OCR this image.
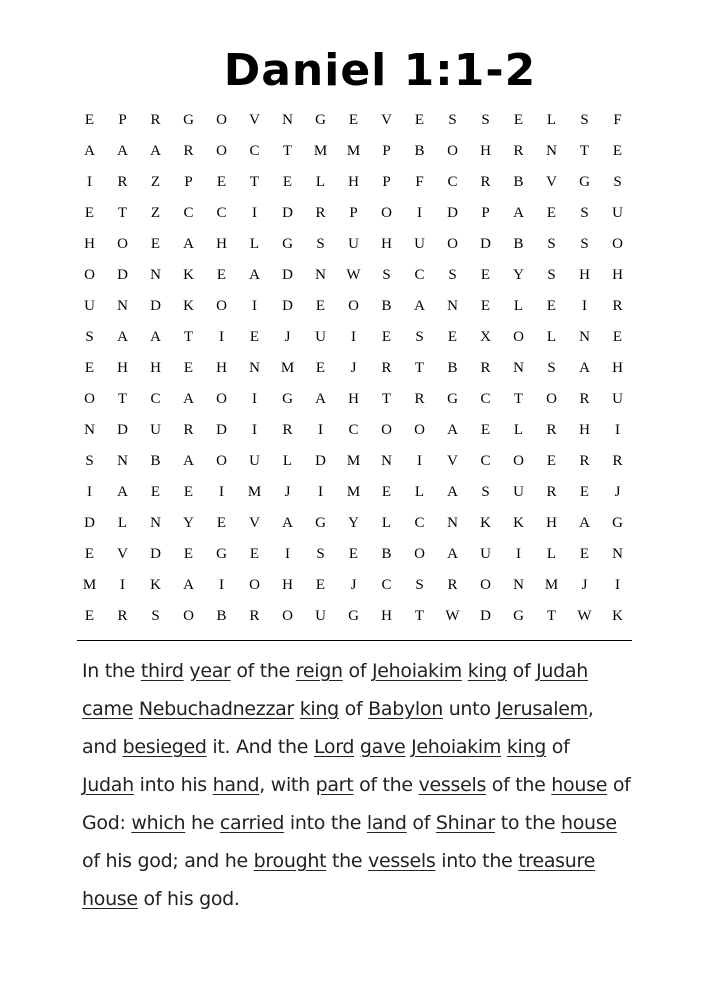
Daniel 1:1-2
E	P	R	G	O	V	N	G	E	V	E	S	S	E	L	S	F
A	A	A	R	O	C	T	M	M	P	B	O	H	R	N	T	E
I	R	Z	P	E	T	E	L	H	P	F	C	R	B	V	G	S
E	T	Z	C	C	I	D	R	P	O	I	D	P	A	E	S	U
H	O	E	A	H	L	G	S	U	H	U	O	D	B	S	S	O
O	D	N	K	E	A	D	N	W	S	C	S	E	Y	S	H	H
U	N	D	K	O	I	D	E	O	B	A	N	E	L	E	I	R
S	A	A	T	I	E	J	U	I	E	S	E	X	O	L	N	E
E	H	H	E	H	N	M	E	J	R	T	B	R	N	S	A	H
O	T	C	A	O	I	G	A	H	T	R	G	C	T	O	R	U
N	D	U	R	D	I	R	I	C	O	O	A	E	L	R	H	I
S	N	B	A	O	U	L	D	M	N	I	V	C	O	E	R	R
I	A	E	E	I	M	J	I	M	E	L	A	S	U	R	E	J
D	L	N	Y	E	V	A	G	Y	L	C	N	K	K	H	A	G
E	V	D	E	G	E	I	S	E	B	O	A	U	I	L	E	N
M	I	K	A	I	O	H	E	J	C	S	R	O	N	M	J	I
E	R	S	O	B	R	O	U	G	H	T	W	D	G	T	W	K
In the third year of the reign of Jehoiakim king of Judah
came Nebuchadnezzar king of Babylon unto Jerusalem,
and besieged it. And the Lord gave Jehoiakim king of
Judah into his hand, with part of the vessels of the house of
God: which he carried into the land of Shinar to the house
of his god; and he brought the vessels into the treasure
house of his god.
